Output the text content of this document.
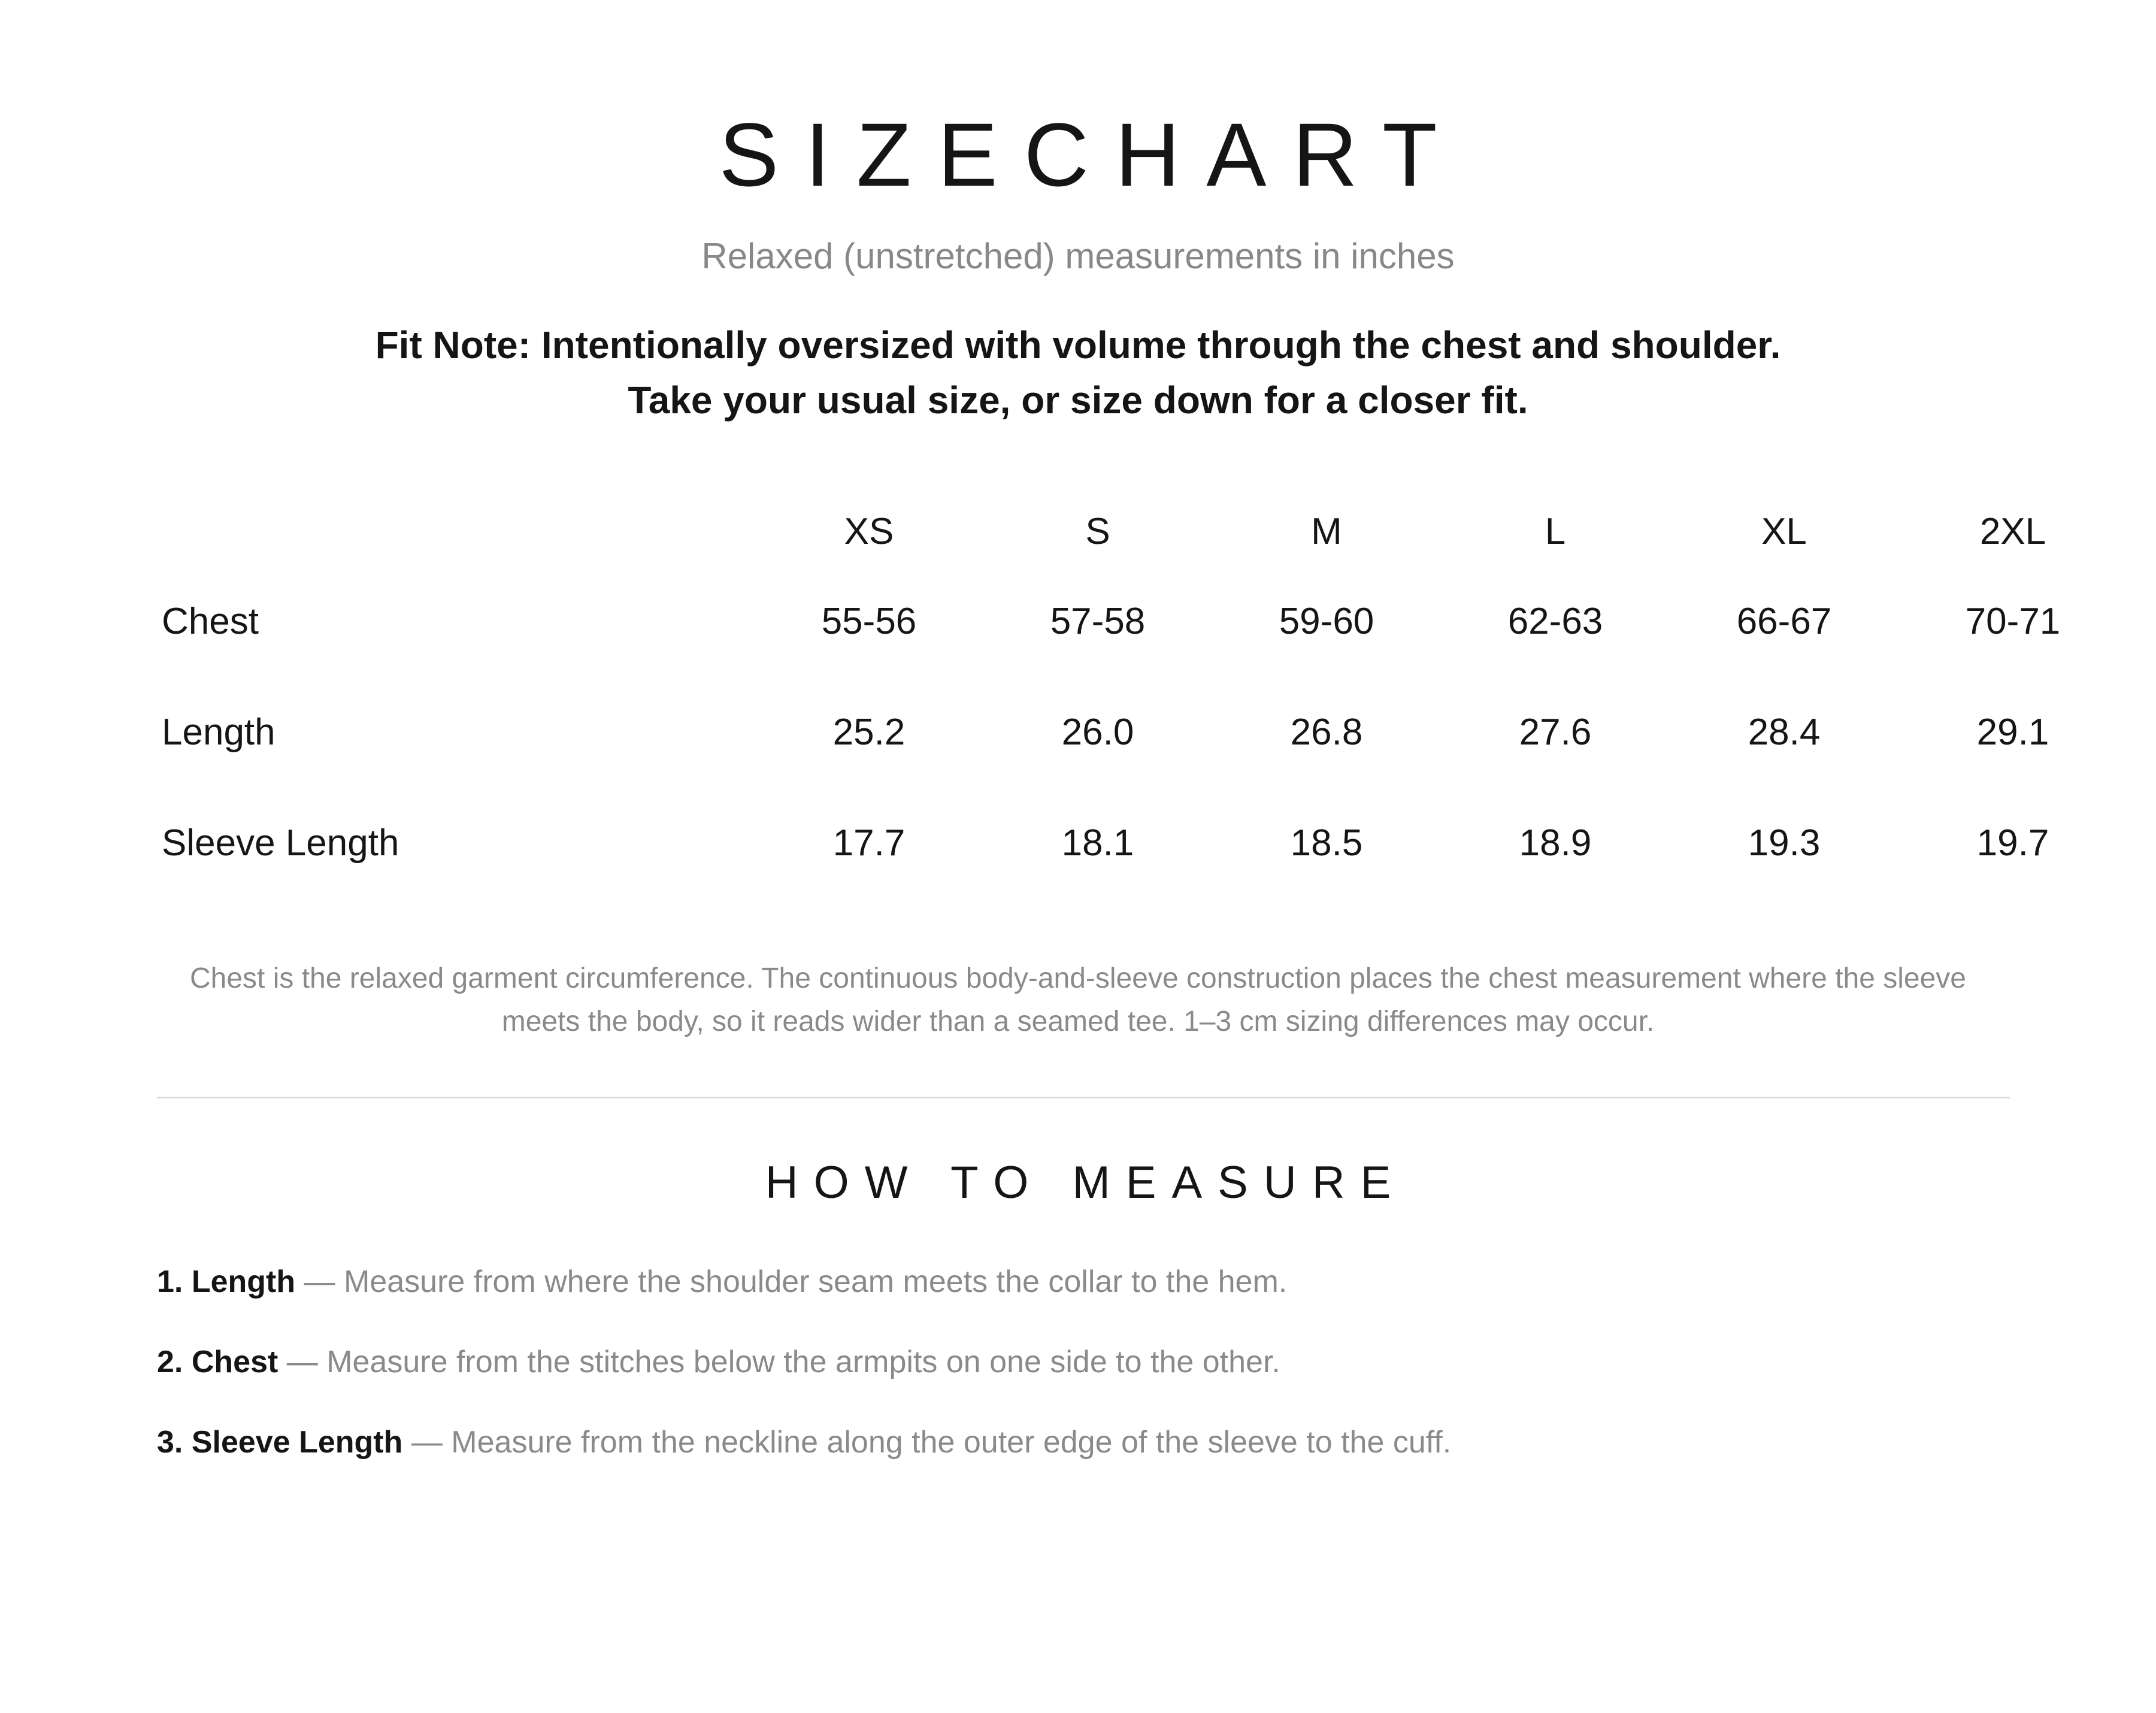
SIZECHART
Relaxed (unstretched) measurements in inches
Fit Note: Intentionally oversized with volume through the chest and shoulder.
Take your usual size, or size down for a closer fit.
	XS	S	M	L	XL	2XL
Chest	55-56	57-58	59-60	62-63	66-67	70-71
Length	25.2	26.0	26.8	27.6	28.4	29.1
Sleeve Length	17.7	18.1	18.5	18.9	19.3	19.7
Chest is the relaxed garment circumference. The continuous body-and-sleeve construction places the chest measurement where the sleeve meets the body, so it reads wider than a seamed tee. 1–3 cm sizing differences may occur.
HOW TO MEASURE
1. Length — Measure from where the shoulder seam meets the collar to the hem.
2. Chest — Measure from the stitches below the armpits on one side to the other.
3. Sleeve Length — Measure from the neckline along the outer edge of the sleeve to the cuff.
